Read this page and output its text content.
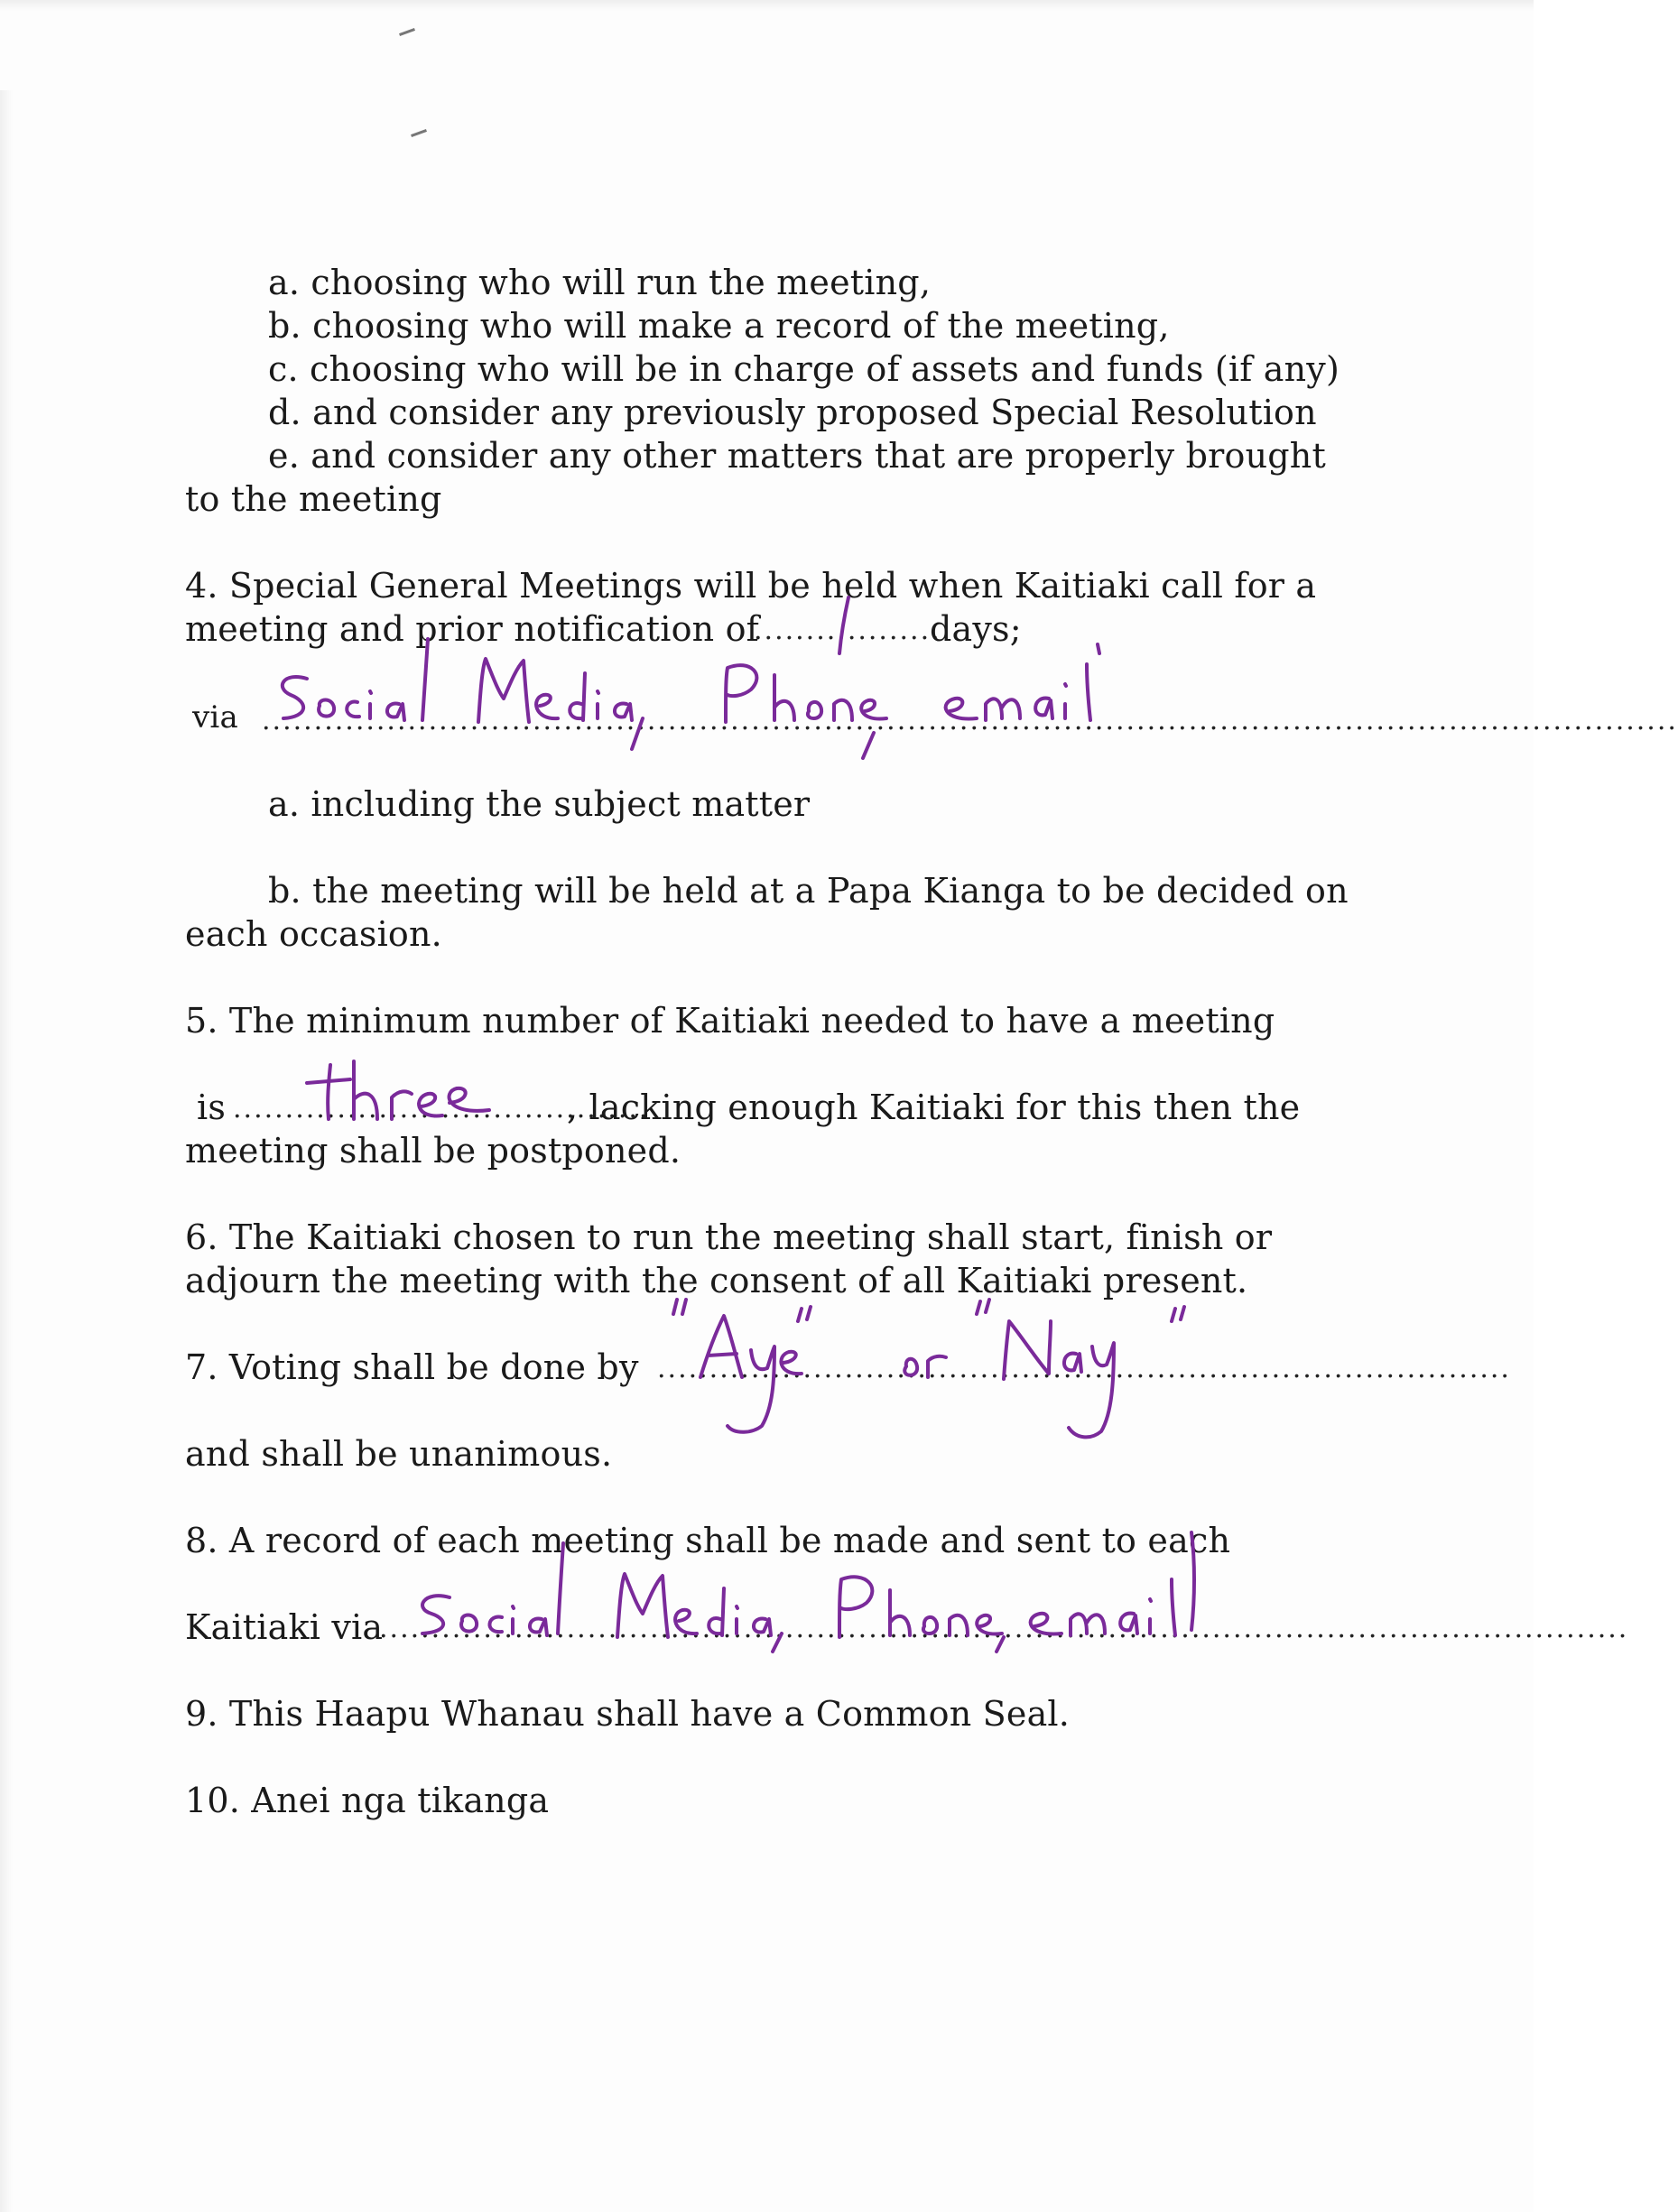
a. choosing who will run the meeting,
b. choosing who will make a record of the meeting,
c. choosing who will be in charge of assets and funds (if any)
d. and consider any previously proposed Special Resolution
e. and consider any other matters that are properly brought
to the meeting
4. Special General Meetings will be held when Kaitiaki call for a
meeting and prior notification of
..................
days;
via ........................................................................................................................................
a. including the subject matter
b. the meeting will be held at a Papa Kianga to be decided on
each occasion.
5. The minimum number of Kaitiaki needed to have a meeting
is ........................................
, lacking enough Kaitiaki for this then the
meeting shall be postponed.
6. The Kaitiaki chosen to run the meeting shall start, finish or
adjourn the meeting with the consent of all Kaitiaki present.
7. Voting shall be done by ..................................................................................
and shall be unanimous.
8. A record of each meeting shall be made and sent to each
Kaitiaki via
........................................................................................................................
9. This Haapu Whanau shall have a Common Seal.
10. Anei nga tikanga
